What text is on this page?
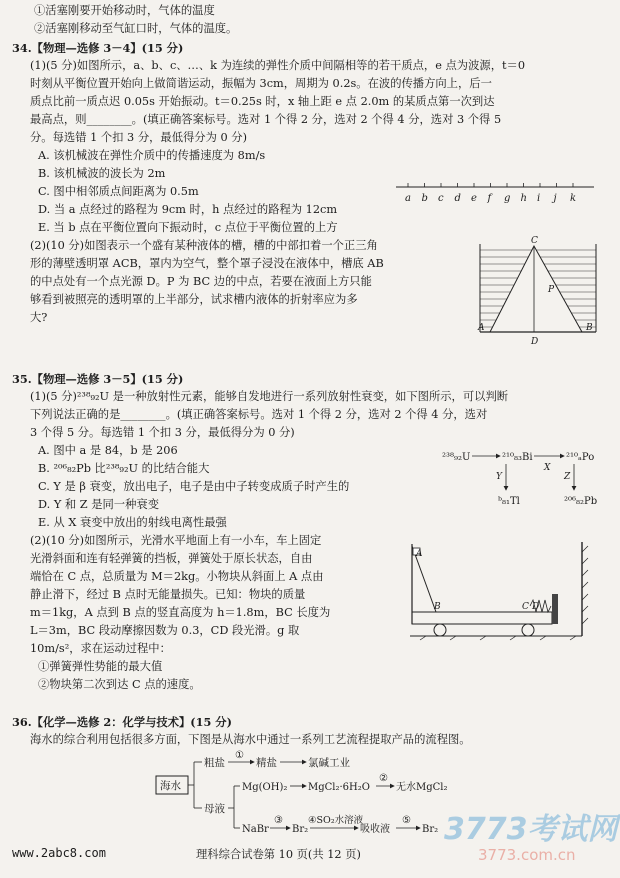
①活塞刚要开始移动时，气体的温度
②活塞刚移动至气缸口时，气体的温度。
34.【物理—选修 3－4】(15 分)
(1)(5 分)如图所示，a、b、c、…、k 为连续的弹性介质中间隔相等的若干质点，e 点为波源，t＝0
时刻从平衡位置开始向上做简谐运动，振幅为 3cm，周期为 0.2s。在波的传播方向上，后一
质点比前一质点迟 0.05s 开始振动。t＝0.25s 时，x 轴上距 e 点 2.0m 的某质点第一次到达
最高点，则________。(填正确答案标号。选对 1 个得 2 分，选对 2 个得 4 分，选对 3 个得 5
分。每选错 1 个扣 3 分，最低得分为 0 分)
A. 该机械波在弹性介质中的传播速度为 8m/s
B. 该机械波的波长为 2m
C. 图中相邻质点间距离为 0.5m
D. 当 a 点经过的路程为 9cm 时，h 点经过的路程为 12cm
E. 当 b 点在平衡位置向下振动时，c 点位于平衡位置的上方
a b c d e f g h i j k
(2)(10 分)如图表示一个盛有某种液体的槽，槽的中部扣着一个正三角
形的薄壁透明罩 ACB，罩内为空气，整个罩子浸没在液体中，槽底 AB
的中点处有一个点光源 D。P 为 BC 边的中点，若要在液面上方只能
够看到被照亮的透明罩的上半部分，试求槽内液体的折射率应为多
大?
C
P
A	B
D
35.【物理—选修 3－5】(15 分)
(1)(5 分)²³⁸₉₂U 是一种放射性元素，能够自发地进行一系列放射性衰变，如下图所示，可以判断
下列说法正确的是________。(填正确答案标号。选对 1 个得 2 分，选对 2 个得 4 分，选对
3 个得 5 分。每选错 1 个扣 3 分，最低得分为 0 分)
A. 图中 a 是 84，b 是 206
B. ²⁰⁶₈₂Pb 比²³⁸₉₂U 的比结合能大
C. Y 是 β 衰变，放出电子，电子是由中子转变成质子时产生的
D. Y 和 Z 是同一种衰变
E. 从 X 衰变中放出的射线电离性最强
²³⁸₉₂U	²¹⁰₈₃Bi
X
²¹⁰ₐPo
Y
ᵇ₈₁Tl
Z
²⁰⁶₈₂Pb
(2)(10 分)如图所示，光滑水平地面上有一小车，车上固定
光滑斜面和连有轻弹簧的挡板，弹簧处于原长状态，自由
端恰在 C 点，总质量为 M＝2kg。小物块从斜面上 A 点由
静止滑下，经过 B 点时无能量损失。已知：物块的质量
m＝1kg，A 点到 B 点的竖直高度为 h＝1.8m，BC 长度为
L＝3m，BC 段动摩擦因数为 0.3，CD 段光滑。g 取
10m/s²，求在运动过程中：
①弹簧弹性势能的最大值
②物块第二次到达 C 点的速度。
A
B	C D
36.【化学—选修 2：化学与技术】(15 分)
海水的综合利用包括很多方面，下图是从海水中通过一系列工艺流程提取产品的流程图。
海水
粗盐
①
精盐	氯碱工业
母液
Mg(OH)₂ MgCl₂·6H₂O
②
无水MgCl₂
NaBr
③
Br₂
④SO₂水溶液
吸收液
⑤
Br₂
www.2abc8.com	理科综合试卷第 10 页(共 12 页)
3773考试网
3773.com.cn
